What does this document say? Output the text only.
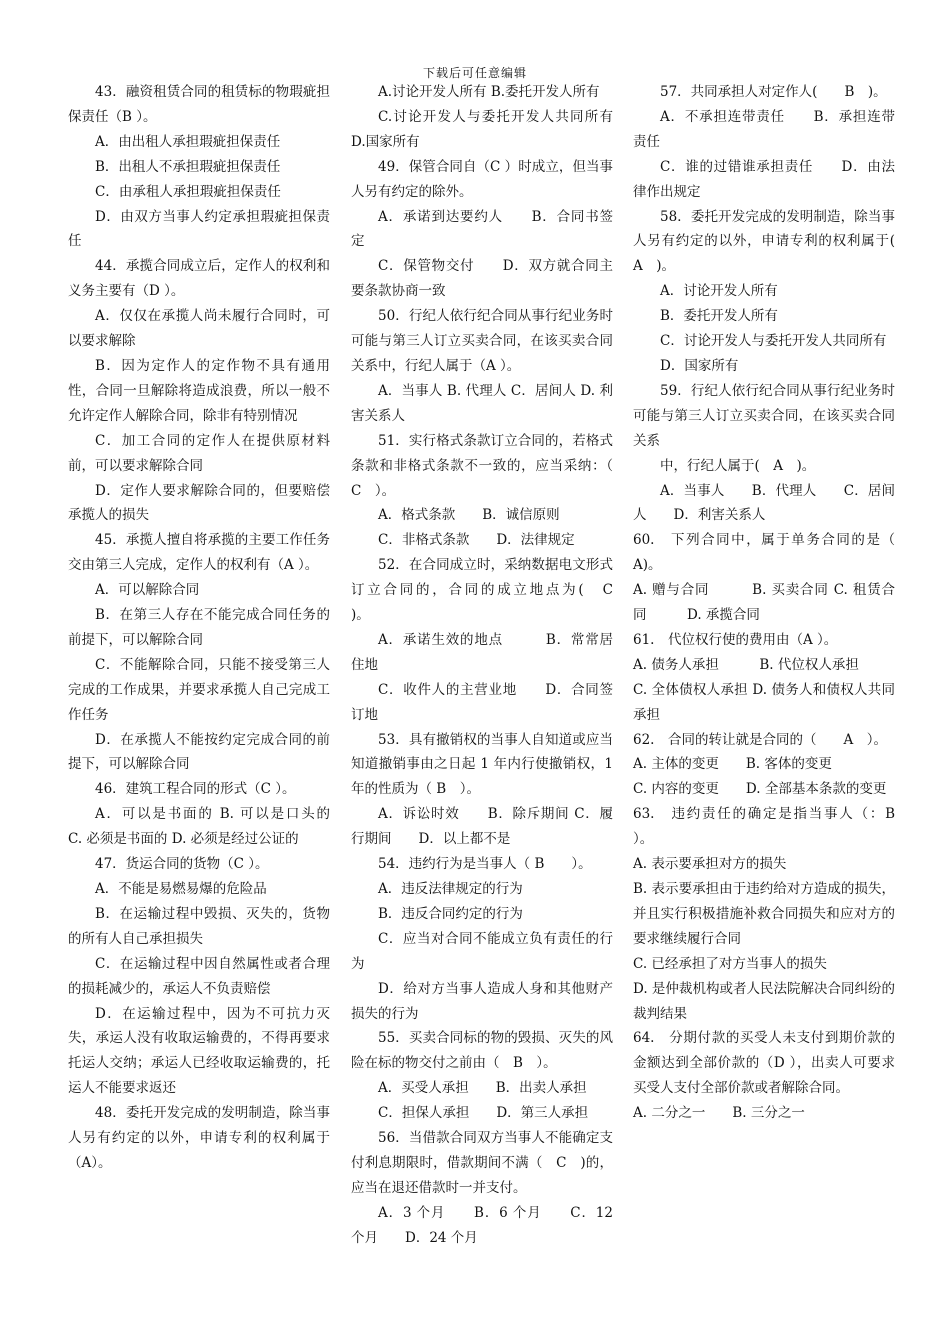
下载后可任意编辑

43．融资租赁合同的租赁标的物瑕疵担保责任（B ）。

A．由出租人承担瑕疵担保责任

B．出租人不承担瑕疵担保责任

C．由承租人承担瑕疵担保责任

D．由双方当事人约定承担瑕疵担保责任

44．承揽合同成立后，定作人的权利和义务主要有（D ）。

A．仅仅在承揽人尚未履行合同时，可以要求解除

B．因为定作人的定作物不具有通用性，合同一旦解除将造成浪费，所以一般不允许定作人解除合同，除非有特别情况

C．加工合同的定作人在提供原材料前，可以要求解除合同

D．定作人要求解除合同的，但要赔偿承揽人的损失

45．承揽人擅自将承揽的主要工作任务交由第三人完成，定作人的权利有（A ）。

A．可以解除合同

B．在第三人存在不能完成合同任务的前提下，可以解除合同

C．不能解除合同，只能不接受第三人完成的工作成果，并要求承揽人自己完成工作任务

D．在承揽人不能按约定完成合同的前提下，可以解除合同

46．建筑工程合同的形式（C ）。

A．可以是书面的 B. 可以是口头的　　C. 必须是书面的 D. 必须是经过公证的

47．货运合同的货物（C ）。

A．不能是易燃易爆的危险品

B．在运输过程中毁损、灭失的，货物的所有人自己承担损失

C．在运输过程中因自然属性或者合理的损耗减少的，承运人不负责赔偿

D．在运输过程中，因为不可抗力灭失，承运人没有收取运输费的，不得再要求托运人交纳；承运人已经收取运输费的，托运人不能要求返还

48．委托开发完成的发明制造，除当事人另有约定的以外，申请专利的权利属于（A）。

A.讨论开发人所有 B.委托开发人所有

C.讨论开发人与委托开发人共同所有 D.国家所有

49．保管合同自（C ）时成立，但当事人另有约定的除外。

A．承诺到达要约人　　B．合同书签定

C．保管物交付　　D．双方就合同主要条款协商一致

50．行纪人依行纪合同从事行纪业务时可能与第三人订立买卖合同，在该买卖合同关系中，行纪人属于（A ）。

A．当事人 B. 代理人 C．居间人 D. 利害关系人

51．实行格式条款订立合同的，若格式条款和非格式条款不一致的，应当采纳：（　C　）。

A．格式条款　　B．诚信原则

C．非格式条款　　D．法律规定

52．在合同成立时，采纳数据电文形式订立合同的，合同的成立地点为(　C　　)。

A．承诺生效的地点　　　B．常常居住地

C．收件人的主营业地　　D．合同签订地

53．具有撤销权的当事人自知道或应当知道撤销事由之日起 1 年内行使撤销权，1 年的性质为（ B　）。

A．诉讼时效　　B．除斥期间 C．履行期间　　D．以上都不是

54．违约行为是当事人（ B　　）。

A．违反法律规定的行为

B．违反合同约定的行为

C．应当对合同不能成立负有责任的行为

D．给对方当事人造成人身和其他财产损失的行为

55．买卖合同标的物的毁损、灭失的风险在标的物交付之前由（　B　）。

A．买受人承担　　B．出卖人承担

C．担保人承担　　D．第三人承担

56．当借款合同双方当事人不能确定支付利息期限时，借款期间不满（　C　)的，应当在退还借款时一并支付。

A．3 个月　　B．6 个月　　C．12 个月　　D．24 个月

57．共同承担人对定作人(　　B　)。

A．不承担连带责任　　B．承担连带责任

C．谁的过错谁承担责任　　D．由法律作出规定

58．委托开发完成的发明制造，除当事人另有约定的以外，申请专利的权利属于(　A　)。

A．讨论开发人所有

B．委托开发人所有

C．讨论开发人与委托开发人共同所有

D．国家所有

59．行纪人依行纪合同从事行纪业务时可能与第三人订立买卖合同，在该买卖合同关系

中，行纪人属于(　A　)。

A．当事人　　B．代理人　　C．居间人　　D．利害关系人

60.　下列合同中，属于单务合同的是（　A)。

A. 赠与合同　　　B. 买卖合同 C. 租赁合同　　　D. 承揽合同

61.　代位权行使的费用由（A ）。

A. 债务人承担　　　B. 代位权人承担

C. 全体债权人承担 D. 债务人和债权人共同承担

62.　合同的转让就是合同的（　　A　）。

A. 主体的变更　　B. 客体的变更

C. 内容的变更　　D. 全部基本条款的变更

63.　违约责任的确定是指当事人（：B　）。

A. 表示要承担对方的损失

B. 表示要承担由于违约给对方造成的损失，并且实行积极措施补救合同损失和应对方的要求继续履行合同

C. 已经承担了对方当事人的损失

D. 是仲裁机构或者人民法院解决合同纠纷的裁判结果

64.　分期付款的买受人未支付到期价款的金额达到全部价款的（D ），出卖人可要求买受人支付全部价款或者解除合同。

A. 二分之一　　B. 三分之一
